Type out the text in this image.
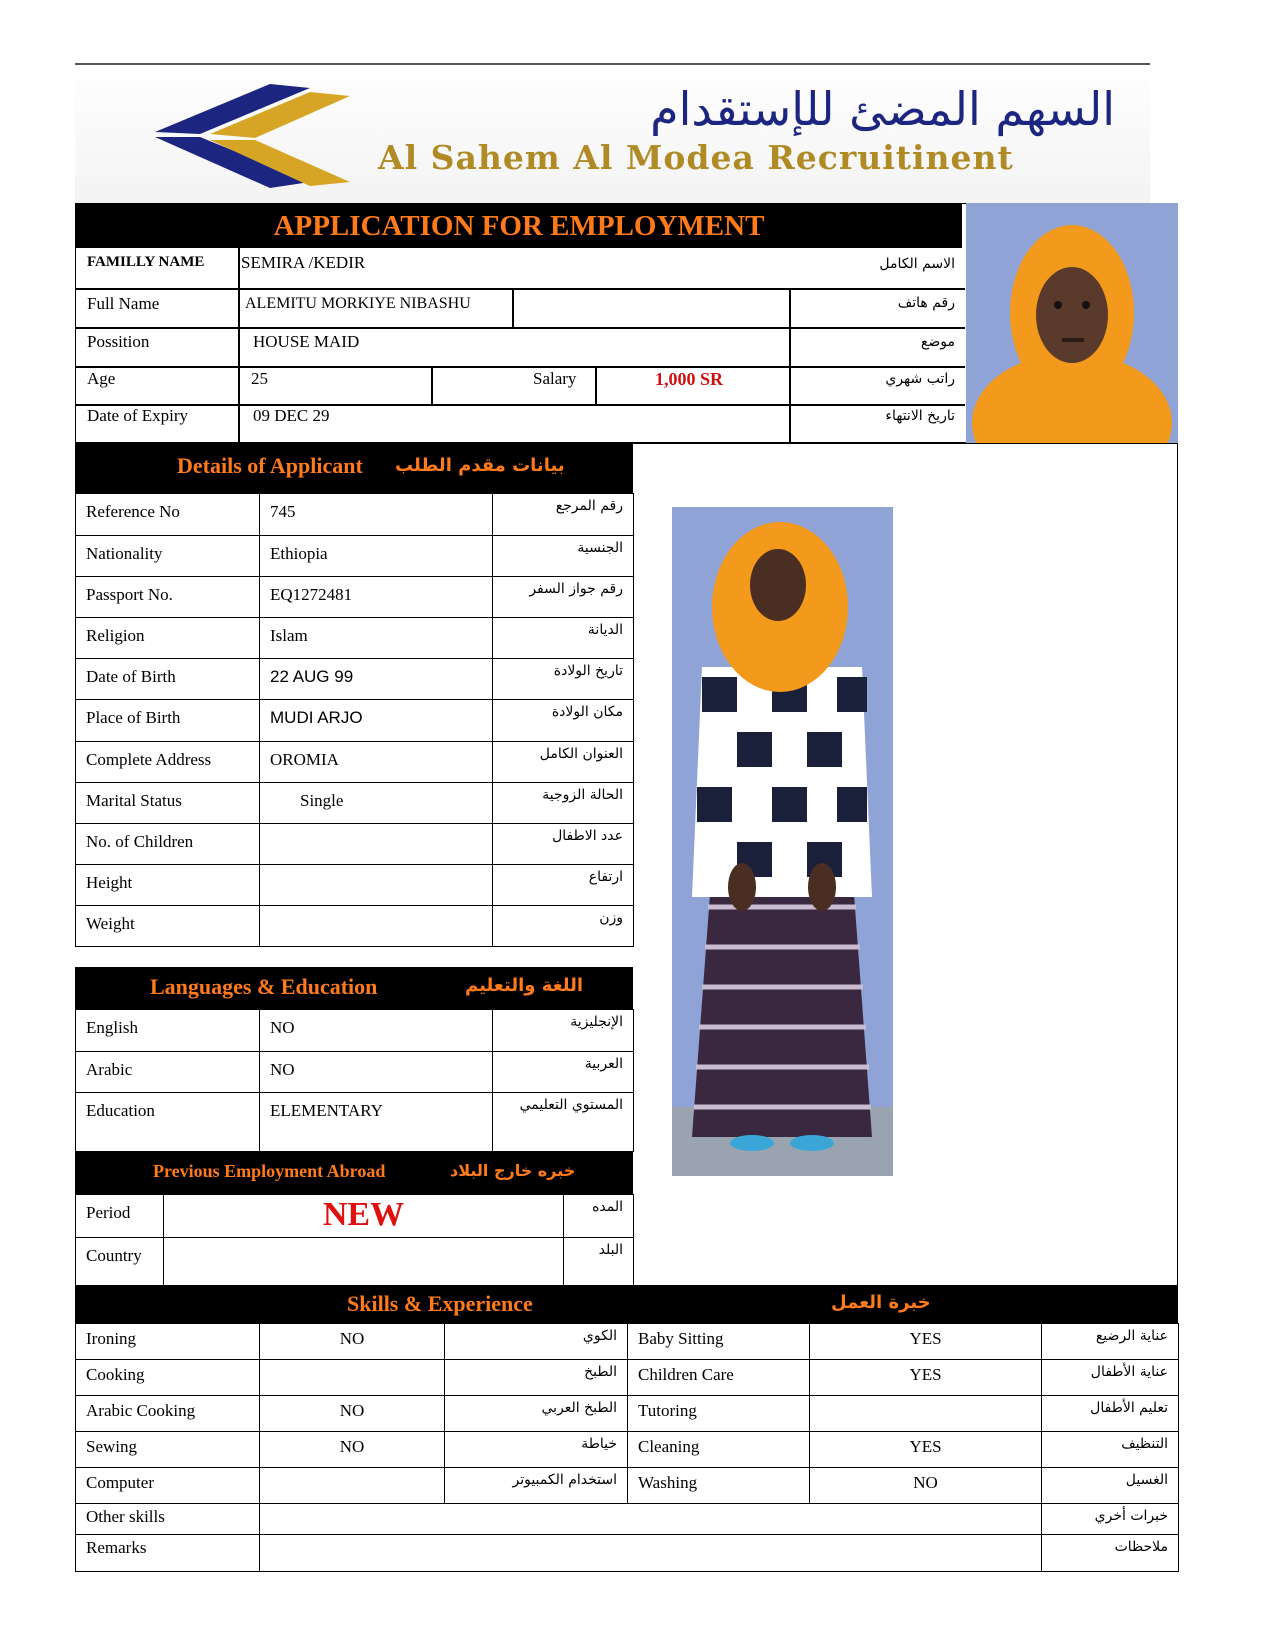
السهم المضئ للإستقدام
Al Sahem Al Modea Recruitinent
APPLICATION FOR EMPLOYMENT
FAMILLY NAME SEMIRA /KEDIR	الاسم الكامل
Full Name	ALEMITU MORKIYE NIBASHU	رقم هاتف
Possition	HOUSE MAID	موضع
Age	25	Salary	1,000 SR	راتب شهري
Date of Expiry	09 DEC 29	تاريخ الانتهاء
Details of Applicant بيانات مقدم الطلب
Reference No	745	رقم المرجع
Nationality	Ethiopia	الجنسية
Passport No.	EQ1272481	رقم جواز السفر
Religion	Islam	الديانة
Date of Birth	22 AUG 99	تاريخ الولادة
Place of Birth	MUDI ARJO	مكان الولادة
Complete Address	OROMIA	العنوان الكامل
Marital Status	Single	الحالة الزوجية
No. of Children		عدد الاطفال
Height		ارتفاع
Weight		وزن
Languages & Education	اللغة والتعليم
English	NO	الإنجليزية
Arabic	NO	العربية
Education	ELEMENTARY	المستوي التعليمي
Previous Employment Abroad	خبره خارج البلاد
Period	NEW	المده
Country		البلد
Skills & Experience	خبرة العمل
Ironing	NO	الكوي	Baby Sitting	YES	عناية الرضيع
Cooking		الطبخ	Children Care	YES	عناية الأطفال
Arabic Cooking	NO	الطبخ العربي	Tutoring		تعليم الأطفال
Sewing	NO	خياطة	Cleaning	YES	التنظيف
Computer		استخدام الكمبيوتر	Washing	NO	الغسيل
Other skills					خبرات أخري
Remarks					ملاحظات
